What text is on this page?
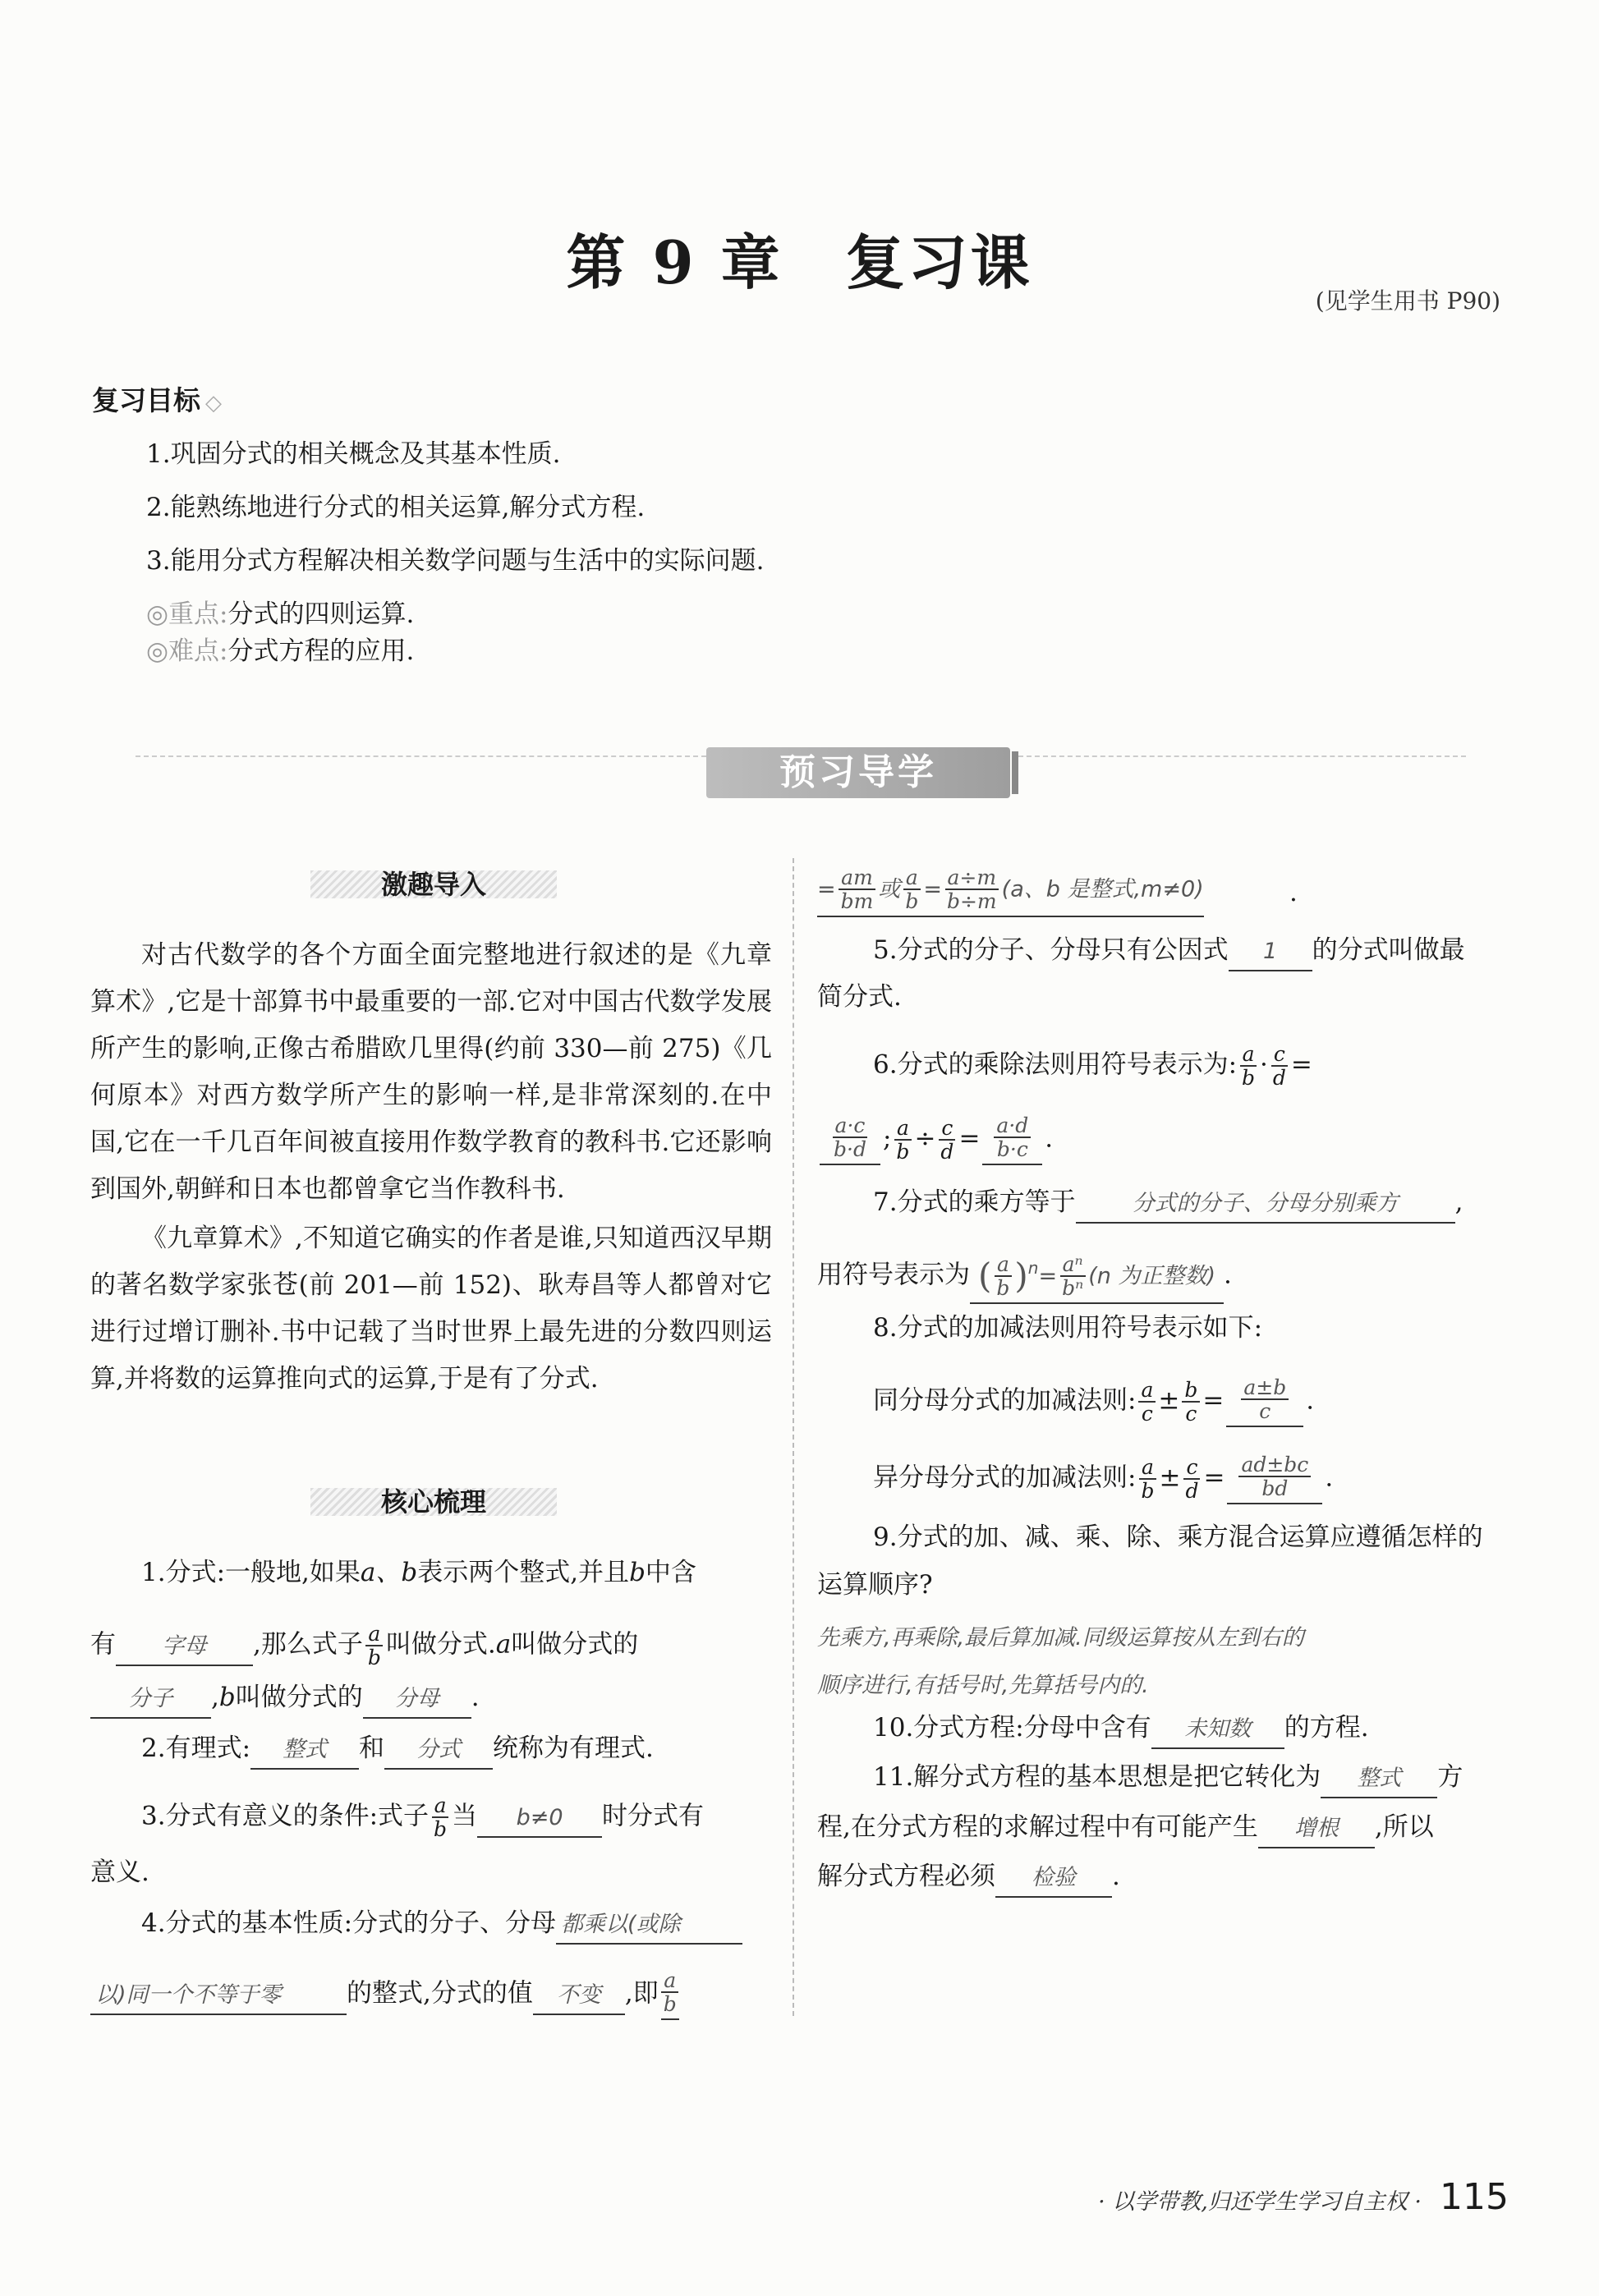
第 9 章　复习课
(见学生用书 P90)
复习目标 ◇
1.巩固分式的相关概念及其基本性质.
2.能熟练地进行分式的相关运算,解分式方程.
3.能用分式方程解决相关数学问题与生活中的实际问题.
◎重点:分式的四则运算.
◎难点:分式方程的应用.
预习导学
激趣导入
对古代数学的各个方面全面完整地进行叙述的是《九章算术》,它是十部算书中最重要的一部.它对中国古代数学发展所产生的影响,正像古希腊欧几里得(约前 330—前 275)《几何原本》对西方数学所产生的影响一样,是非常深刻的.在中国,它在一千几百年间被直接用作数学教育的教科书.它还影响到国外,朝鲜和日本也都曾拿它当作教科书.
《九章算术》,不知道它确实的作者是谁,只知道西汉早期的著名数学家张苍(前 201—前 152)、耿寿昌等人都曾对它进行过增订删补.书中记载了当时世界上最先进的分数四则运算,并将数的运算推向式的运算,于是有了分式.
核心梳理
1.分式:一般地,如果a、b表示两个整式,并且b中含
有 字母 ,那么式子 $\frac{a}{b}$ 叫做分式.a叫做分式的
分子 ,b叫做分式的 分母 .
2.有理式: 整式 和 分式 统称为有理式.
3.分式有意义的条件:式子 $\frac{a}{b}$ 当 b≠0 时分式有
意义.
4.分式的基本性质:分式的分子、分母 都乘以(或除
以)同一个不等于零	的整式,分式的值 不变 ,即 $\frac{a}{b}$
= $\frac{am}{bm}$ 或 $\frac{a}{b} = \frac{a\div m}{b\div m} (a$、b 是整式,m≠0)	.
5.分式的分子、分母只有公因式 1 的分式叫做最
简分式.
6.分式的乘除法则用符号表示为: $\frac{a}{b} \cdot \frac{c}{d}$ =
$\frac{a\cdot c}{b\cdot d}$ ; $\frac{a}{b} \div \frac{c}{d} = \frac{a\cdot d}{b\cdot c}$ .
7.分式的乘方等于	分式的分子、分母分别乘方 ,
用符号表示为 ( $\frac{a}{b} )^n= \frac{\text{aⁿ}}{\text{bⁿ}} (n$ 为正整数) .
8.分式的加减法则用符号表示如下:
同分母分式的加减法则: $\frac{a}{c} \pm \frac{b}{c} = \frac{a\pm b}{c}$ .
异分母分式的加减法则: $\frac{a}{b} \pm \frac{c}{d} = \frac{ad\pm bc}{bd}$ .
9.分式的加、减、乘、除、乘方混合运算应遵循怎样的
运算顺序?
先乘方,再乘除,最后算加减.同级运算按从左到右的
顺序进行,有括号时,先算括号内的.
10.分式方程:分母中含有 未知数 的方程.
11.解分式方程的基本思想是把它转化为 整式 方
程,在分式方程的求解过程中有可能产生 增根 ,所以
解分式方程必须 检验 .
· 以学带教,归还学生学习自主权 · 115
